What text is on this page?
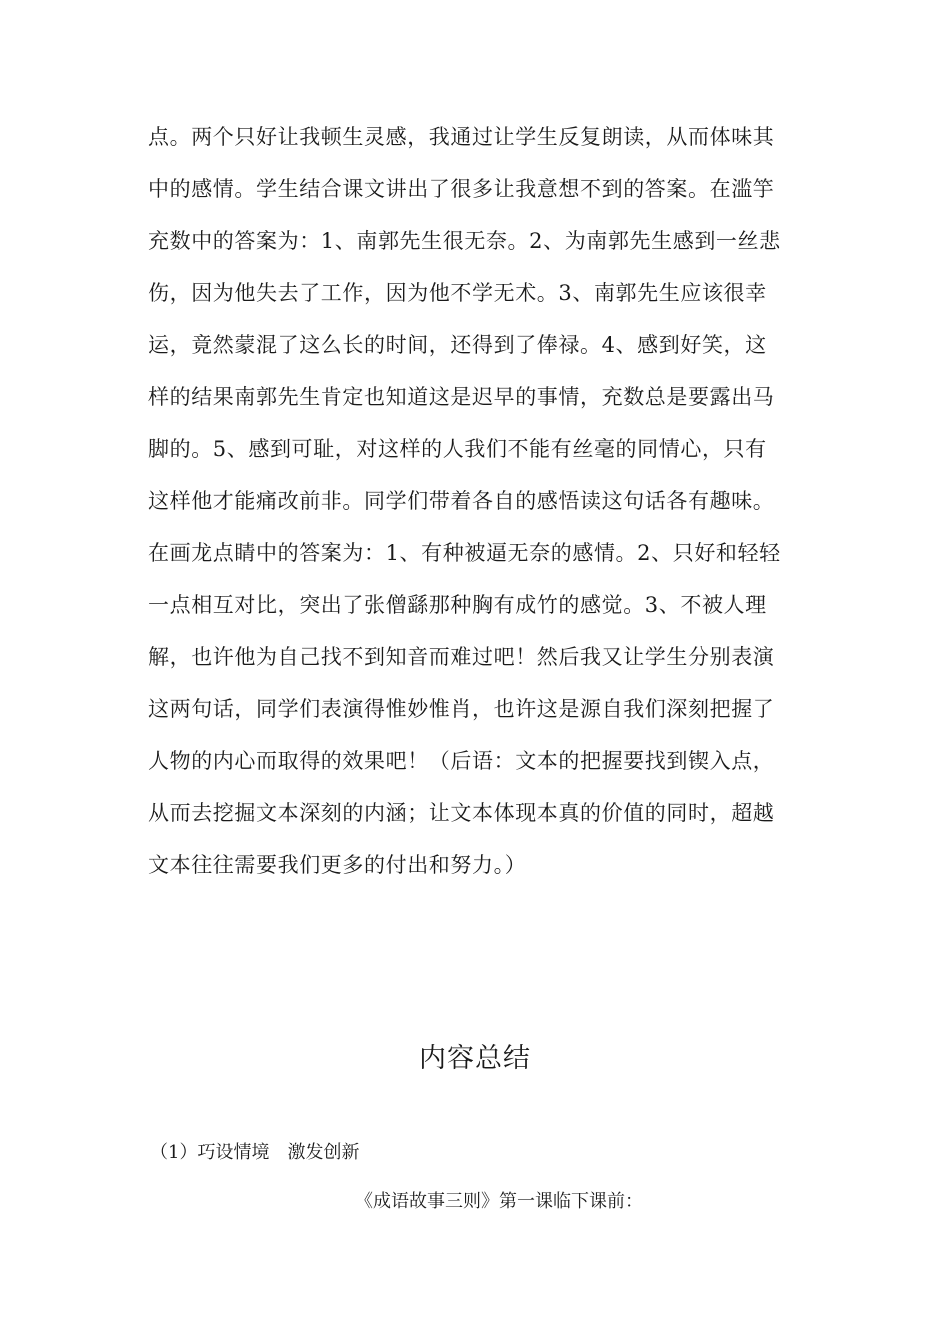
点。两个只好让我顿生灵感，我通过让学生反复朗读，从而体味其
中的感情。学生结合课文讲出了很多让我意想不到的答案。在滥竽
充数中的答案为：1、南郭先生很无奈。2、为南郭先生感到一丝悲
伤，因为他失去了工作，因为他不学无术。3、南郭先生应该很幸
运，竟然蒙混了这么长的时间，还得到了俸禄。4、感到好笑，这
样的结果南郭先生肯定也知道这是迟早的事情，充数总是要露出马
脚的。5、感到可耻，对这样的人我们不能有丝毫的同情心，只有
这样他才能痛改前非。同学们带着各自的感悟读这句话各有趣味。
在画龙点睛中的答案为：1、有种被逼无奈的感情。2、只好和轻轻
一点相互对比，突出了张僧繇那种胸有成竹的感觉。3、不被人理
解，也许他为自己找不到知音而难过吧！然后我又让学生分别表演
这两句话，同学们表演得惟妙惟肖，也许这是源自我们深刻把握了
人物的内心而取得的效果吧！（后语：文本的把握要找到锲入点，
从而去挖掘文本深刻的内涵；让文本体现本真的价值的同时，超越
文本往往需要我们更多的付出和努力。）
内容总结
（1）巧设情境　激发创新
《成语故事三则》第一课临下课前：
